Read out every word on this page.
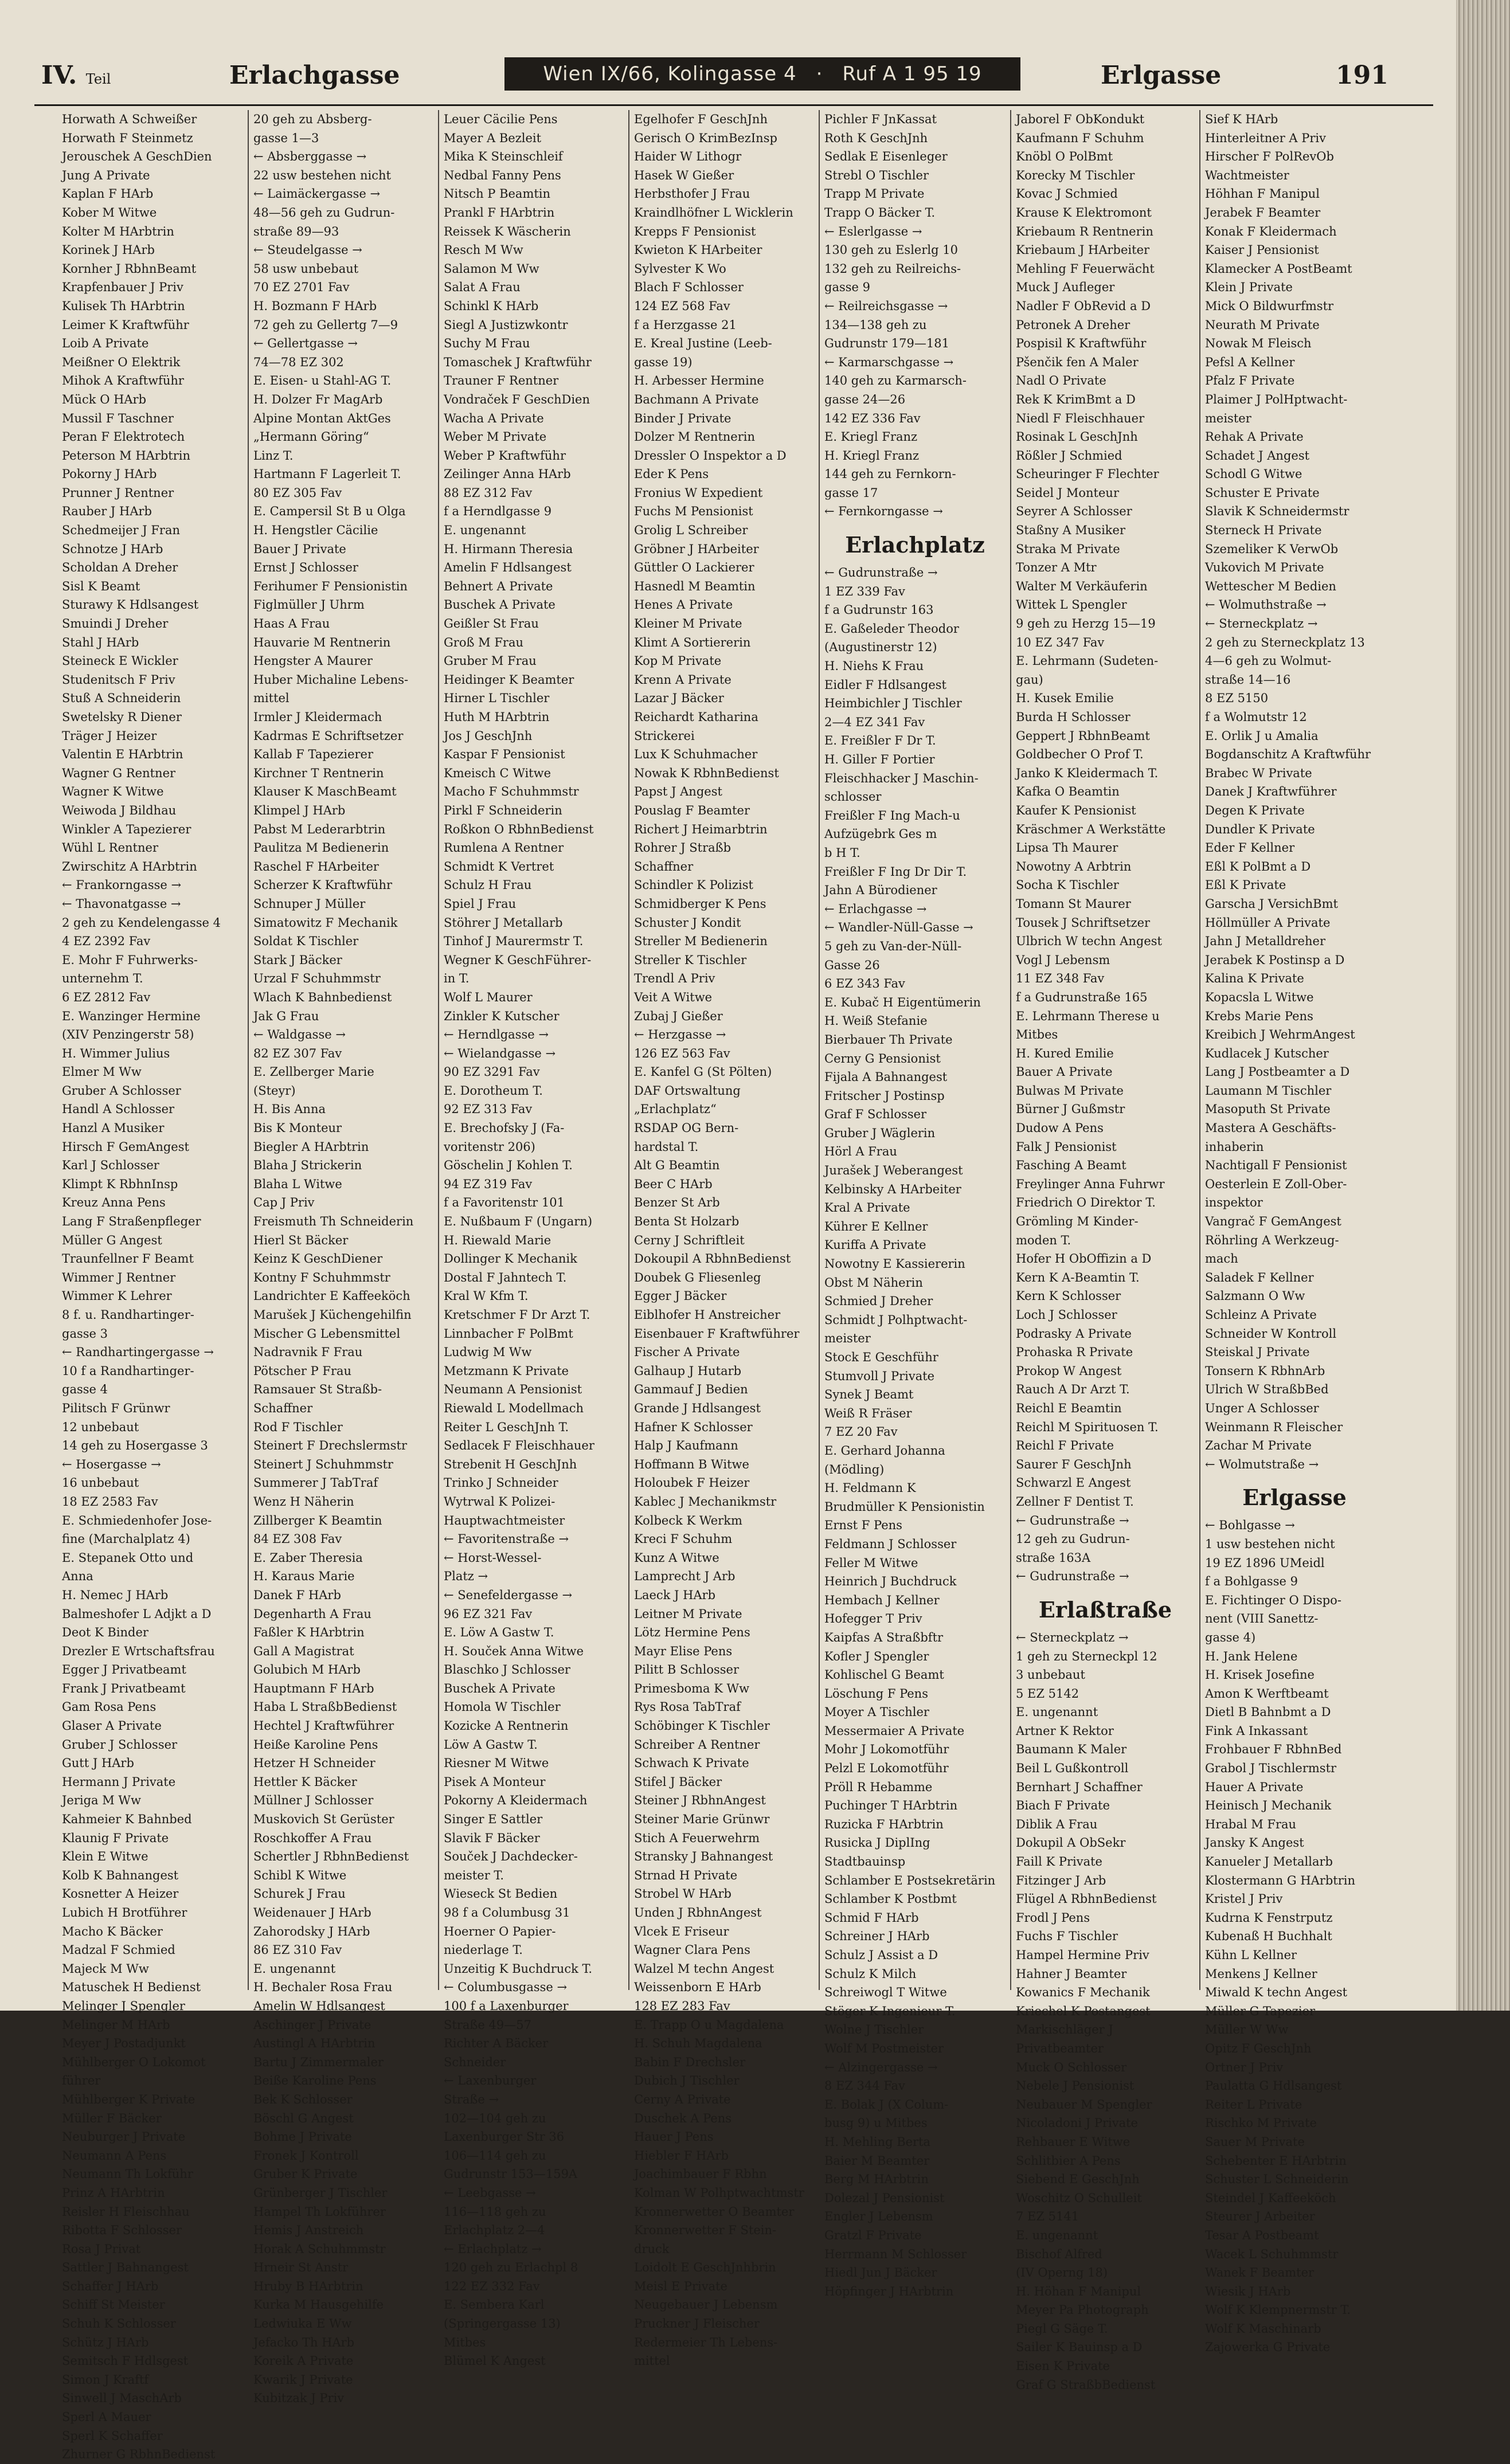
IV. Teil	Erlachgasse	Wien IX/66, Kolingasse 4 · Ruf A 1 95 19	Erlgasse	191
Horwath A Schweißer
Horwath F Steinmetz
Jerouschek A GeschDien
Jung A Private
Kaplan F HArb
Kober M Witwe
Kolter M HArbtrin
Korinek J HArb
Kornher J RbhnBeamt
Krapfenbauer J Priv
Kulisek Th HArbtrin
Leimer K Kraftwführ
Loib A Private
Meißner O Elektrik
Mihok A Kraftwführ
Mück O HArb
Mussil F Taschner
Peran F Elektrotech
Peterson M HArbtrin
Pokorny J HArb
Prunner J Rentner
Rauber J HArb
Schedmeijer J Fran
Schnotze J HArb
Scholdan A Dreher
Sisl K Beamt
Sturawy K Hdlsangest
Smuindi J Dreher
Stahl J HArb
Steineck E Wickler
Studenitsch F Priv
Stuß A Schneiderin
Swetelsky R Diener
Träger J Heizer
Valentin E HArbtrin
Wagner G Rentner
Wagner K Witwe
Weiwoda J Bildhau
Winkler A Tapezierer
Wühl L Rentner
Zwirschitz A HArbtrin
← Frankorngasse →
← Thavonatgasse →
2 geh zu Kendelengasse 4
4 EZ 2392 Fav
E. Mohr F Fuhrwerks-
unternehm T.
6 EZ 2812 Fav
E. Wanzinger Hermine
(XIV Penzingerstr 58)
H. Wimmer Julius
Elmer M Ww
Gruber A Schlosser
Handl A Schlosser
Hanzl A Musiker
Hirsch F GemAngest
Karl J Schlosser
Klimpt K RbhnInsp
Kreuz Anna Pens
Lang F Straßenpfleger
Müller G Angest
Traunfellner F Beamt
Wimmer J Rentner
Wimmer K Lehrer
8 f. u. Randhartinger-
gasse 3
← Randhartingergasse →
10 f a Randhartinger-
gasse 4
Pilitsch F Grünwr
12 unbebaut
14 geh zu Hosergasse 3
← Hosergasse →
16 unbebaut
18 EZ 2583 Fav
E. Schmiedenhofer Jose-
fine (Marchalplatz 4)
E. Stepanek Otto und
Anna
H. Nemec J HArb
Balmeshofer L Adjkt a D
Deot K Binder
Drezler E Wrtschaftsfrau
Egger J Privatbeamt
Frank J Privatbeamt
Gam Rosa Pens
Glaser A Private
Gruber J Schlosser
Gutt J HArb
Hermann J Private
Jeriga M Ww
Kahmeier K Bahnbed
Klaunig F Private
Klein E Witwe
Kolb K Bahnangest
Kosnetter A Heizer
Lubich H Brotführer
Macho K Bäcker
Madzal F Schmied
Majeck M Ww
Matuschek H Bedienst
Melinger J Spengler
Melinger M HArb
Meyer J Postadjunkt
Mühlberger O Lokomot
führer
Mühlberger K Private
Müller F Bäcker
Neuburger J Private
Neumann A Pens
Neumann Th Lokführ
Prinz A HArbtrin
Reisler H Fleischhau
Ribotta F Schlosser
Rosa J Privat
Sattler J Bahnangest
Schaffer J HArb
Schiff St Meister
Schuh K Schlosser
Schütz J HArb
Semitsch F Hdlsgest
Simon J Kraftf
Sinwell J MaschArb
Sperl A Mauer
Sperl K Schaffer
Zhurner G RbhnBedienst
20 geh zu Absberg-
gasse 1—3
← Absberggasse →
22 usw bestehen nicht
← Laimäckergasse →
48—56 geh zu Gudrun-
straße 89—93
← Steudelgasse →
58 usw unbebaut
70 EZ 2701 Fav
H. Bozmann F HArb
72 geh zu Gellertg 7—9
← Gellertgasse →
74—78 EZ 302
E. Eisen- u Stahl-AG T.
H. Dolzer Fr MagArb
Alpine Montan AktGes
„Hermann Göring“
Linz T.
Hartmann F Lagerleit T.
80 EZ 305 Fav
E. Campersil St B u Olga
H. Hengstler Cäcilie
Bauer J Private
Ernst J Schlosser
Ferihumer F Pensionistin
Figlmüller J Uhrm
Haas A Frau
Hauvarie M Rentnerin
Hengster A Maurer
Huber Michaline Lebens-
mittel
Irmler J Kleidermach
Kadrmas E Schriftsetzer
Kallab F Tapezierer
Kirchner T Rentnerin
Klauser K MaschBeamt
Klimpel J HArb
Pabst M Lederarbtrin
Paulitza M Bedienerin
Raschel F HArbeiter
Scherzer K Kraftwführ
Schnuper J Müller
Simatowitz F Mechanik
Soldat K Tischler
Stark J Bäcker
Urzal F Schuhmmstr
Wlach K Bahnbedienst
Jak G Frau
← Waldgasse →
82 EZ 307 Fav
E. Zellberger Marie
(Steyr)
H. Bis Anna
Bis K Monteur
Biegler A HArbtrin
Blaha J Strickerin
Blaha L Witwe
Cap J Priv
Freismuth Th Schneiderin
Hierl St Bäcker
Keinz K GeschDiener
Kontny F Schuhmmstr
Landrichter E Kaffeeköch
Marušek J Küchengehilfin
Mischer G Lebensmittel
Nadravnik F Frau
Pötscher P Frau
Ramsauer St Straßb-
Schaffner
Rod F Tischler
Steinert F Drechslermstr
Steinert J Schuhmmstr
Summerer J TabTraf
Wenz H Näherin
Zillberger K Beamtin
84 EZ 308 Fav
E. Zaber Theresia
H. Karaus Marie
Danek F HArb
Degenharth A Frau
Faßler K HArbtrin
Gall A Magistrat
Golubich M HArb
Hauptmann F HArb
Haba L StraßbBedienst
Hechtel J Kraftwführer
Heiße Karoline Pens
Hetzer H Schneider
Hettler K Bäcker
Müllner J Schlosser
Muskovich St Gerüster
Roschkoffer A Frau
Schertler J RbhnBedienst
Schibl K Witwe
Schurek J Frau
Weidenauer J HArb
Zahorodsky J HArb
86 EZ 310 Fav
E. ungenannt
H. Bechaler Rosa Frau
Amelin W Hdlsangest
Aschinger J Private
Austingl A HArbtrin
Bartu J Zimmermaler
Beiße Karoline Pens
Bek K Schlosser
Böschl G Angest
Bohme J Private
Fronek J Kontroll
Gruber K Private
Grünberger J Tischler
Hampel Th Lokführer
Hemis J Anstreich
Horak A Schuhmmstr
Hrneir St Anstr
Hruby B HArbtrin
Kurka M Hausgehilfe
Ledwiuka E Ww
Jefacko Th HArb
Koreik A Private
Kwarik J Private
Kubitzak J Priv
Leuer Cäcilie Pens
Mayer A Bezleit
Mika K Steinschleif
Nedbal Fanny Pens
Nitsch P Beamtin
Prankl F HArbtrin
Reissek K Wäscherin
Resch M Ww
Salamon M Ww
Salat A Frau
Schinkl K HArb
Siegl A Justizwkontr
Suchy M Frau
Tomaschek J Kraftwführ
Trauner F Rentner
Vondraček F GeschDien
Wacha A Private
Weber M Private
Weber P Kraftwführ
Zeilinger Anna HArb
88 EZ 312 Fav
f a Herndlgasse 9
E. ungenannt
H. Hirmann Theresia
Amelin F Hdlsangest
Behnert A Private
Buschek A Private
Geißler St Frau
Groß M Frau
Gruber M Frau
Heidinger K Beamter
Hirner L Tischler
Huth M HArbtrin
Jos J GeschJnh
Kaspar F Pensionist
Kmeisch C Witwe
Macho F Schuhmmstr
Pirkl F Schneiderin
Roßkon O RbhnBedienst
Rumlena A Rentner
Schmidt K Vertret
Schulz H Frau
Spiel J Frau
Stöhrer J Metallarb
Tinhof J Maurermstr T.
Wegner K GeschFührer-
in T.
Wolf L Maurer
Zinkler K Kutscher
← Herndlgasse →
← Wielandgasse →
90 EZ 3291 Fav
E. Dorotheum T.
92 EZ 313 Fav
E. Brechofsky J (Fa-
voritenstr 206)
Göschelin J Kohlen T.
94 EZ 319 Fav
f a Favoritenstr 101
E. Nußbaum F (Ungarn)
H. Riewald Marie
Dollinger K Mechanik
Dostal F Jahntech T.
Kral W Kfm T.
Kretschmer F Dr Arzt T.
Linnbacher F PolBmt
Ludwig M Ww
Metzmann K Private
Neumann A Pensionist
Riewald L Modellmach
Reiter L GeschJnh T.
Sedlacek F Fleischhauer
Strebenit H GeschJnh
Trinko J Schneider
Wytrwal K Polizei-
Hauptwachtmeister
← Favoritenstraße →
← Horst-Wessel-
Platz →
← Senefeldergasse →
96 EZ 321 Fav
E. Löw A Gastw T.
H. Souček Anna Witwe
Blaschko J Schlosser
Buschek A Private
Homola W Tischler
Kozicke A Rentnerin
Löw A Gastw T.
Riesner M Witwe
Pisek A Monteur
Pokorny A Kleidermach
Singer E Sattler
Slavik F Bäcker
Souček J Dachdecker-
meister T.
Wieseck St Bedien
98 f a Columbusg 31
Hoerner O Papier-
niederlage T.
Unzeitig K Buchdruck T.
← Columbusgasse →
100 f a Laxenburger
Straße 49—57
Richter A Bäcker
Schneider
← Laxenburger
Straße →
102—104 geh zu
Laxenburger Str 36
106—114 geh zu
Gudrunstr 153—159A
← Leebgasse →
116—118 geh zu
Erlachplatz 2—4
← Erlachplatz →
120 geh zu Erlachpl 8
122 EZ 332 Fav
E. Sembera Karl
(Springergasse 13)
Mitbes
Blümel K Angest
Egelhofer F GeschJnh
Gerisch O KrimBezInsp
Haider W Lithogr
Hasek W Gießer
Herbsthofer J Frau
Kraindlhöfner L Wicklerin
Krepps F Pensionist
Kwieton K HArbeiter
Sylvester K Wo
Blach F Schlosser
124 EZ 568 Fav
f a Herzgasse 21
E. Kreal Justine (Leeb-
gasse 19)
H. Arbesser Hermine
Bachmann A Private
Binder J Private
Dolzer M Rentnerin
Dressler O Inspektor a D
Eder K Pens
Fronius W Expedient
Fuchs M Pensionist
Grolig L Schreiber
Gröbner J HArbeiter
Güttler O Lackierer
Hasnedl M Beamtin
Henes A Private
Kleiner M Private
Klimt A Sortiererin
Kop M Private
Krenn A Private
Lazar J Bäcker
Reichardt Katharina
Strickerei
Lux K Schuhmacher
Nowak K RbhnBedienst
Papst J Angest
Pouslag F Beamter
Richert J Heimarbtrin
Rohrer J Straßb
Schaffner
Schindler K Polizist
Schmidberger K Pens
Schuster J Kondit
Streller M Bedienerin
Streller K Tischler
Trendl A Priv
Veit A Witwe
Zubaj J Gießer
← Herzgasse →
126 EZ 563 Fav
E. Kanfel G (St Pölten)
DAF Ortswaltung
„Erlachplatz“
RSDAP OG Bern-
hardstal T.
Alt G Beamtin
Beer C HArb
Benzer St Arb
Benta St Holzarb
Cerny J Schriftleit
Dokoupil A RbhnBedienst
Doubek G Fliesenleg
Egger J Bäcker
Eiblhofer H Anstreicher
Eisenbauer F Kraftwführer
Fischer A Private
Galhaup J Hutarb
Gammauf J Bedien
Grande J Hdlsangest
Hafner K Schlosser
Halp J Kaufmann
Hoffmann B Witwe
Holoubek F Heizer
Kablec J Mechanikmstr
Kolbeck K Werkm
Kreci F Schuhm
Kunz A Witwe
Lamprecht J Arb
Laeck J HArb
Leitner M Private
Lötz Hermine Pens
Mayr Elise Pens
Pilitt B Schlosser
Primesboma K Ww
Rys Rosa TabTraf
Schöbinger K Tischler
Schreiber A Rentner
Schwach K Private
Stifel J Bäcker
Steiner J RbhnAngest
Steiner Marie Grünwr
Stich A Feuerwehrm
Stransky J Bahnangest
Strnad H Private
Strobel W HArb
Unden J RbhnAngest
Vlcek E Friseur
Wagner Clara Pens
Walzel M techn Angest
Weissenborn E HArb
128 EZ 283 Fav
E. Trapp O u Magdalena
H. Schuh Magdalena
Babin F Drechsler
Dubich J Tischler
Cerny A Private
Duschek A Pens
Hauer J Pens
Hiebler F HArb
Joachimbauer F Rbhn
Kolman W Polhptwachtmstr
Kronnerwetter O Beamter
Kronnerwetter F Stein-
druck
Loidolt E GeschJnhbrin
Meisl E Private
Neugebauer J Lebensm
Pruckner J Fleischer
Redermeier Th Lebens-
mittel
Pichler F JnKassat
Roth K GeschJnh
Sedlak E Eisenleger
Strebl O Tischler
Trapp M Private
Trapp O Bäcker T.
← Eslerlgasse →
130 geh zu Eslerlg 10
132 geh zu Reilreichs-
gasse 9
← Reilreichsgasse →
134—138 geh zu
Gudrunstr 179—181
← Karmarschgasse →
140 geh zu Karmarsch-
gasse 24—26
142 EZ 336 Fav
E. Kriegl Franz
H. Kriegl Franz
144 geh zu Fernkorn-
gasse 17
← Fernkorngasse →
Erlachplatz
← Gudrunstraße →
1 EZ 339 Fav
f a Gudrunstr 163
E. Gaßeleder Theodor
(Augustinerstr 12)
H. Niehs K Frau
Eidler F Hdlsangest
Heimbichler J Tischler
2—4 EZ 341 Fav
E. Freißler F Dr T.
H. Giller F Portier
Fleischhacker J Maschin-
schlosser
Freißler F Ing Mach-u
Aufzügebrk Ges m
b H T.
Freißler F Ing Dr Dir T.
Jahn A Bürodiener
← Erlachgasse →
← Wandler-Nüll-Gasse →
5 geh zu Van-der-Nüll-
Gasse 26
6 EZ 343 Fav
E. Kubač H Eigentümerin
H. Weiß Stefanie
Bierbauer Th Private
Cerny G Pensionist
Fijala A Bahnangest
Fritscher J Postinsp
Graf F Schlosser
Gruber J Wäglerin
Hörl A Frau
Jurašek J Weberangest
Kelbinsky A HArbeiter
Kral A Private
Kührer E Kellner
Kuriffa A Private
Nowotny E Kassiererin
Obst M Näherin
Schmied J Dreher
Schmidt J Polhptwacht-
meister
Stock E Geschführ
Stumvoll J Private
Synek J Beamt
Weiß R Fräser
7 EZ 20 Fav
E. Gerhard Johanna
(Mödling)
H. Feldmann K
Brudmüller K Pensionistin
Ernst F Pens
Feldmann J Schlosser
Feller M Witwe
Heinrich J Buchdruck
Hembach J Kellner
Hofegger T Priv
Kaipfas A Straßbftr
Kofler J Spengler
Kohlischel G Beamt
Löschung F Pens
Moyer A Tischler
Messermaier A Private
Mohr J Lokomotführ
Pelzl E Lokomotführ
Pröll R Hebamme
Puchinger T HArbtrin
Ruzicka F HArbtrin
Rusicka J DiplIng
Stadtbauinsp
Schlamber E Postsekretärin
Schlamber K Postbmt
Schmid F HArb
Schreiner J HArb
Schulz J Assist a D
Schulz K Milch
Schreiwogl T Witwe
Stöger K Ingenieur T.
Wolne J Tischler
Wolf M Postmeister
← Alzingergasse →
8 EZ 344 Fav
E. Bolak J (X Colum-
busg 9) u Mitbes
H. Mehling Berta
Baier M Beamter
Berg M HArbtrin
Dolezal J Pensionist
Engler J Lebensm
Gratzl F Private
Herrmann M Schlosser
Hiedl Jun J Bäcker
Höpfinger J HArbtrin
Jaborel F ObKondukt
Kaufmann F Schuhm
Knöbl O PolBmt
Korecky M Tischler
Kovac J Schmied
Krause K Elektromont
Kriebaum R Rentnerin
Kriebaum J HArbeiter
Mehling F Feuerwächt
Muck J Aufleger
Nadler F ObRevid a D
Petronek A Dreher
Pospisil K Kraftwführ
Pšenčik fen A Maler
Nadl O Private
Rek K KrimBmt a D
Niedl F Fleischhauer
Rosinak L GeschJnh
Rößler J Schmied
Scheuringer F Flechter
Seidel J Monteur
Seyrer A Schlosser
Staßny A Musiker
Straka M Private
Tonzer A Mtr
Walter M Verkäuferin
Wittek L Spengler
9 geh zu Herzg 15—19
10 EZ 347 Fav
E. Lehrmann (Sudeten-
gau)
H. Kusek Emilie
Burda H Schlosser
Geppert J RbhnBeamt
Goldbecher O Prof T.
Janko K Kleidermach T.
Kafka O Beamtin
Kaufer K Pensionist
Kräschmer A Werkstätte
Lipsa Th Maurer
Nowotny A Arbtrin
Socha K Tischler
Tomann St Maurer
Tousek J Schriftsetzer
Ulbrich W techn Angest
Vogl J Lebensm
11 EZ 348 Fav
f a Gudrunstraße 165
E. Lehrmann Therese u
Mitbes
H. Kured Emilie
Bauer A Private
Bulwas M Private
Bürner J Gußmstr
Dudow A Pens
Falk J Pensionist
Fasching A Beamt
Freylinger Anna Fuhrwr
Friedrich O Direktor T.
Grömling M Kinder-
moden T.
Hofer H ObOffizin a D
Kern K A-Beamtin T.
Kern K Schlosser
Loch J Schlosser
Podrasky A Private
Prohaska R Private
Prokop W Angest
Rauch A Dr Arzt T.
Reichl E Beamtin
Reichl M Spirituosen T.
Reichl F Private
Saurer F GeschJnh
Schwarzl E Angest
Zellner F Dentist T.
← Gudrunstraße →
12 geh zu Gudrun-
straße 163A
← Gudrunstraße →
Erlaßtraße
← Sterneckplatz →
1 geh zu Sterneckpl 12
3 unbebaut
5 EZ 5142
E. ungenannt
Artner K Rektor
Baumann K Maler
Beil L Gußkontroll
Bernhart J Schaffner
Biach F Private
Diblik A Frau
Dokupil A ObSekr
Faill K Private
Fitzinger J Arb
Flügel A RbhnBedienst
Frodl J Pens
Fuchs F Tischler
Hampel Hermine Priv
Hahner J Beamter
Kowanics F Mechanik
Kriechel K Postangest
Markischläger J
Privatbeamter
Muck O Schlosser
Nebele J Pensionist
Neubauer M Spengler
Nicoladoni J Private
Rehbauer E Witwe
Schlitbier A Pens
Siebend E GeschJnh
Woschitz O Schulleit
7 EZ 5141
E. ungenannt
Bischof Alfred
(IV Operng 18)
H. Höhan F Manipul
Meyer Pa Photograph
Piegl G Säge T.
Sailer K Bauinsp a D
Eisen K Private
Graf G StraßbBedienst
Sief K HArb
Hinterleitner A Priv
Hirscher F PolRevOb
Wachtmeister
Höhhan F Manipul
Jerabek F Beamter
Konak F Kleidermach
Kaiser J Pensionist
Klamecker A PostBeamt
Klein J Private
Mick O Bildwurfmstr
Neurath M Private
Nowak M Fleisch
Pefsl A Kellner
Pfalz F Private
Plaimer J PolHptwacht-
meister
Rehak A Private
Schadet J Angest
Schodl G Witwe
Schuster E Private
Slavik K Schneidermstr
Sterneck H Private
Szemeliker K VerwOb
Vukovich M Private
Wettescher M Bedien
← Wolmuthstraße →
← Sterneckplatz →
2 geh zu Sterneckplatz 13
4—6 geh zu Wolmut-
straße 14—16
8 EZ 5150
f a Wolmutstr 12
E. Orlik J u Amalia
Bogdanschitz A Kraftwführ
Brabec W Private
Danek J Kraftwführer
Degen K Private
Dundler K Private
Eder F Kellner
Eßl K PolBmt a D
Eßl K Private
Garscha J VersichBmt
Höllmüller A Private
Jahn J Metalldreher
Jerabek K Postinsp a D
Kalina K Private
Kopacsla L Witwe
Krebs Marie Pens
Kreibich J WehrmAngest
Kudlacek J Kutscher
Lang J Postbeamter a D
Laumann M Tischler
Masoputh St Private
Mastera A Geschäfts-
inhaberin
Nachtigall F Pensionist
Oesterlein E Zoll-Ober-
inspektor
Vangrač F GemAngest
Röhrling A Werkzeug-
mach
Saladek F Kellner
Salzmann O Ww
Schleinz A Private
Schneider W Kontroll
Steiskal J Private
Tonsern K RbhnArb
Ulrich W StraßbBed
Unger A Schlosser
Weinmann R Fleischer
Zachar M Private
← Wolmutstraße →
Erlgasse
← Bohlgasse →
1 usw bestehen nicht
19 EZ 1896 UMeidl
f a Bohlgasse 9
E. Fichtinger O Dispo-
nent (VIII Sanettz-
gasse 4)
H. Jank Helene
H. Krisek Josefine
Amon K Werftbeamt
Dietl B Bahnbmt a D
Fink A Inkassant
Frohbauer F RbhnBed
Grabol J Tischlermstr
Hauer A Private
Heinisch J Mechanik
Hrabal M Frau
Jansky K Angest
Kanueler J Metallarb
Klostermann G HArbtrin
Kristel J Priv
Kudrna K Fenstrputz
Kubenaß H Buchhalt
Kühn L Kellner
Menkens J Kellner
Miwald K techn Angest
Müller G Tapezier
Müller W Ww
Opitz F GeschJnh
Ortner J Priv
Paulatta G Hdlsangest
Reiter L Private
Rischko M Private
Sauer M Private
Schebenter E HArbtrin
Schuster L Schneiderin
Steindel J Kaffeeköch
Steurer J Arbeiter
Tesar A Postbeamt
Wacek L Schuhmmstr
Wanek F Beamter
Wiesik J HArb
Wolf K Klempnermstr T.
Wolf K Maschinarb
Zajowerka G Private
